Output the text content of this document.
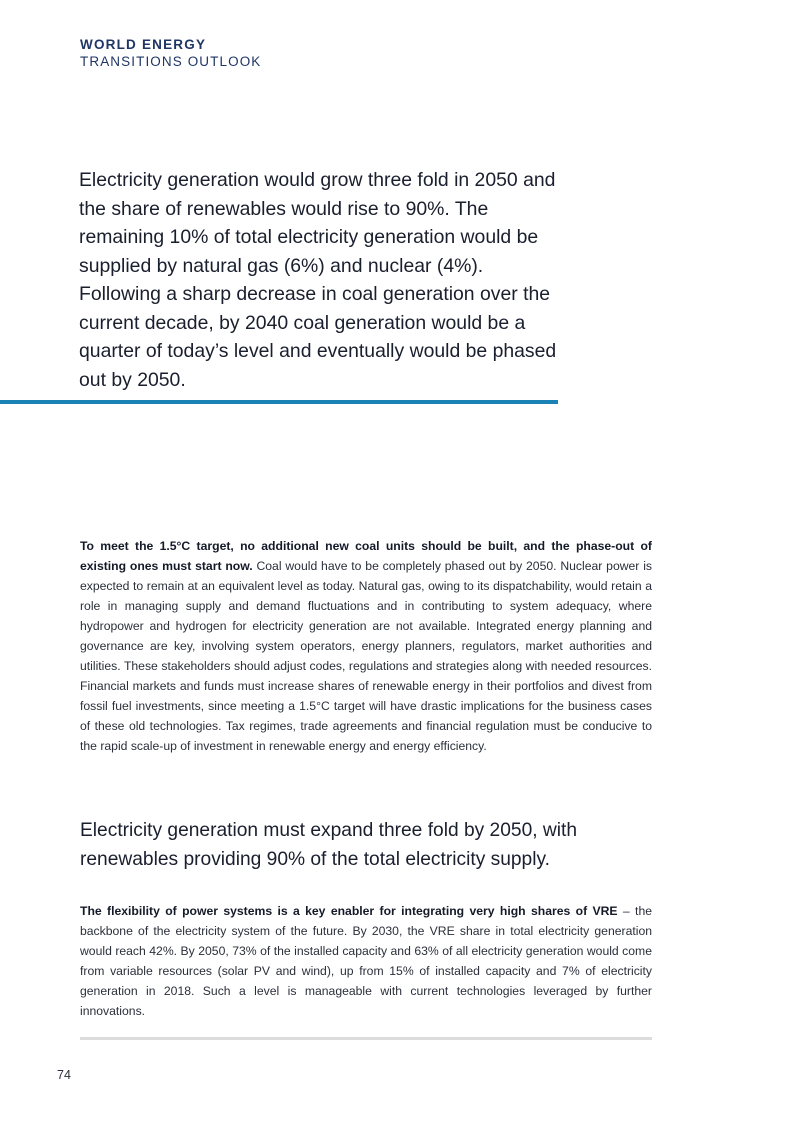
WORLD ENERGY
TRANSITIONS OUTLOOK
Electricity generation would grow three fold in 2050 and the share of renewables would rise to 90%. The remaining 10% of total electricity generation would be supplied by natural gas (6%) and nuclear (4%). Following a sharp decrease in coal generation over the current decade, by 2040 coal generation would be a quarter of today’s level and eventually would be phased out by 2050.
To meet the 1.5°C target, no additional new coal units should be built, and the phase-out of existing ones must start now. Coal would have to be completely phased out by 2050. Nuclear power is expected to remain at an equivalent level as today. Natural gas, owing to its dispatchability, would retain a role in managing supply and demand fluctuations and in contributing to system adequacy, where hydropower and hydrogen for electricity generation are not available. Integrated energy planning and governance are key, involving system operators, energy planners, regulators, market authorities and utilities. These stakeholders should adjust codes, regulations and strategies along with needed resources. Financial markets and funds must increase shares of renewable energy in their portfolios and divest from fossil fuel investments, since meeting a 1.5°C target will have drastic implications for the business cases of these old technologies. Tax regimes, trade agreements and financial regulation must be conducive to the rapid scale-up of investment in renewable energy and energy efficiency.
Electricity generation must expand three fold by 2050, with renewables providing 90% of the total electricity supply.
The flexibility of power systems is a key enabler for integrating very high shares of VRE – the backbone of the electricity system of the future. By 2030, the VRE share in total electricity generation would reach 42%. By 2050, 73% of the installed capacity and 63% of all electricity generation would come from variable resources (solar PV and wind), up from 15% of installed capacity and 7% of electricity generation in 2018. Such a level is manageable with current technologies leveraged by further innovations.
74
